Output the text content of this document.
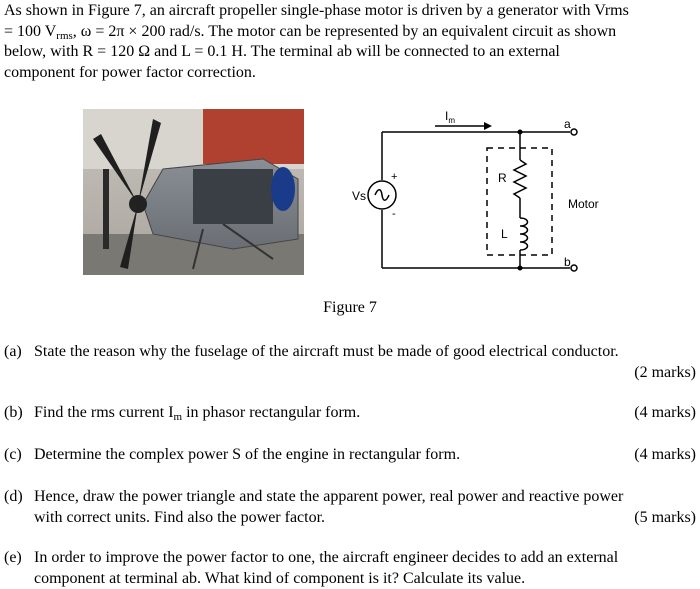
As shown in Figure 7, an aircraft propeller single-phase motor is driven by a generator with Vrms

= 100 $V_{rms}$, ω = 2π × 200 rad/s. The motor can be represented by an equivalent circuit as shown

below, with R = 120 Ω and L = 0.1 H. The terminal ab will be connected to an external

component for power factor correction.

$I_m$
Vs
+
-
R
L
Motor
a
b
Figure 7
(a) State the reason why the fuselage of the aircraft must be made of good electrical conductor.
(2 marks)
(b) Find the rms current $I_m$ in phasor rectangular form.	(4 marks)
(c) Determine the complex power S of the engine in rectangular form.	(4 marks)
(d) Hence, draw the power triangle and state the apparent power, real power and reactive power
with correct units. Find also the power factor.	(5 marks)
(e) In order to improve the power factor to one, the aircraft engineer decides to add an external
component at terminal ab. What kind of component is it? Calculate its value.
